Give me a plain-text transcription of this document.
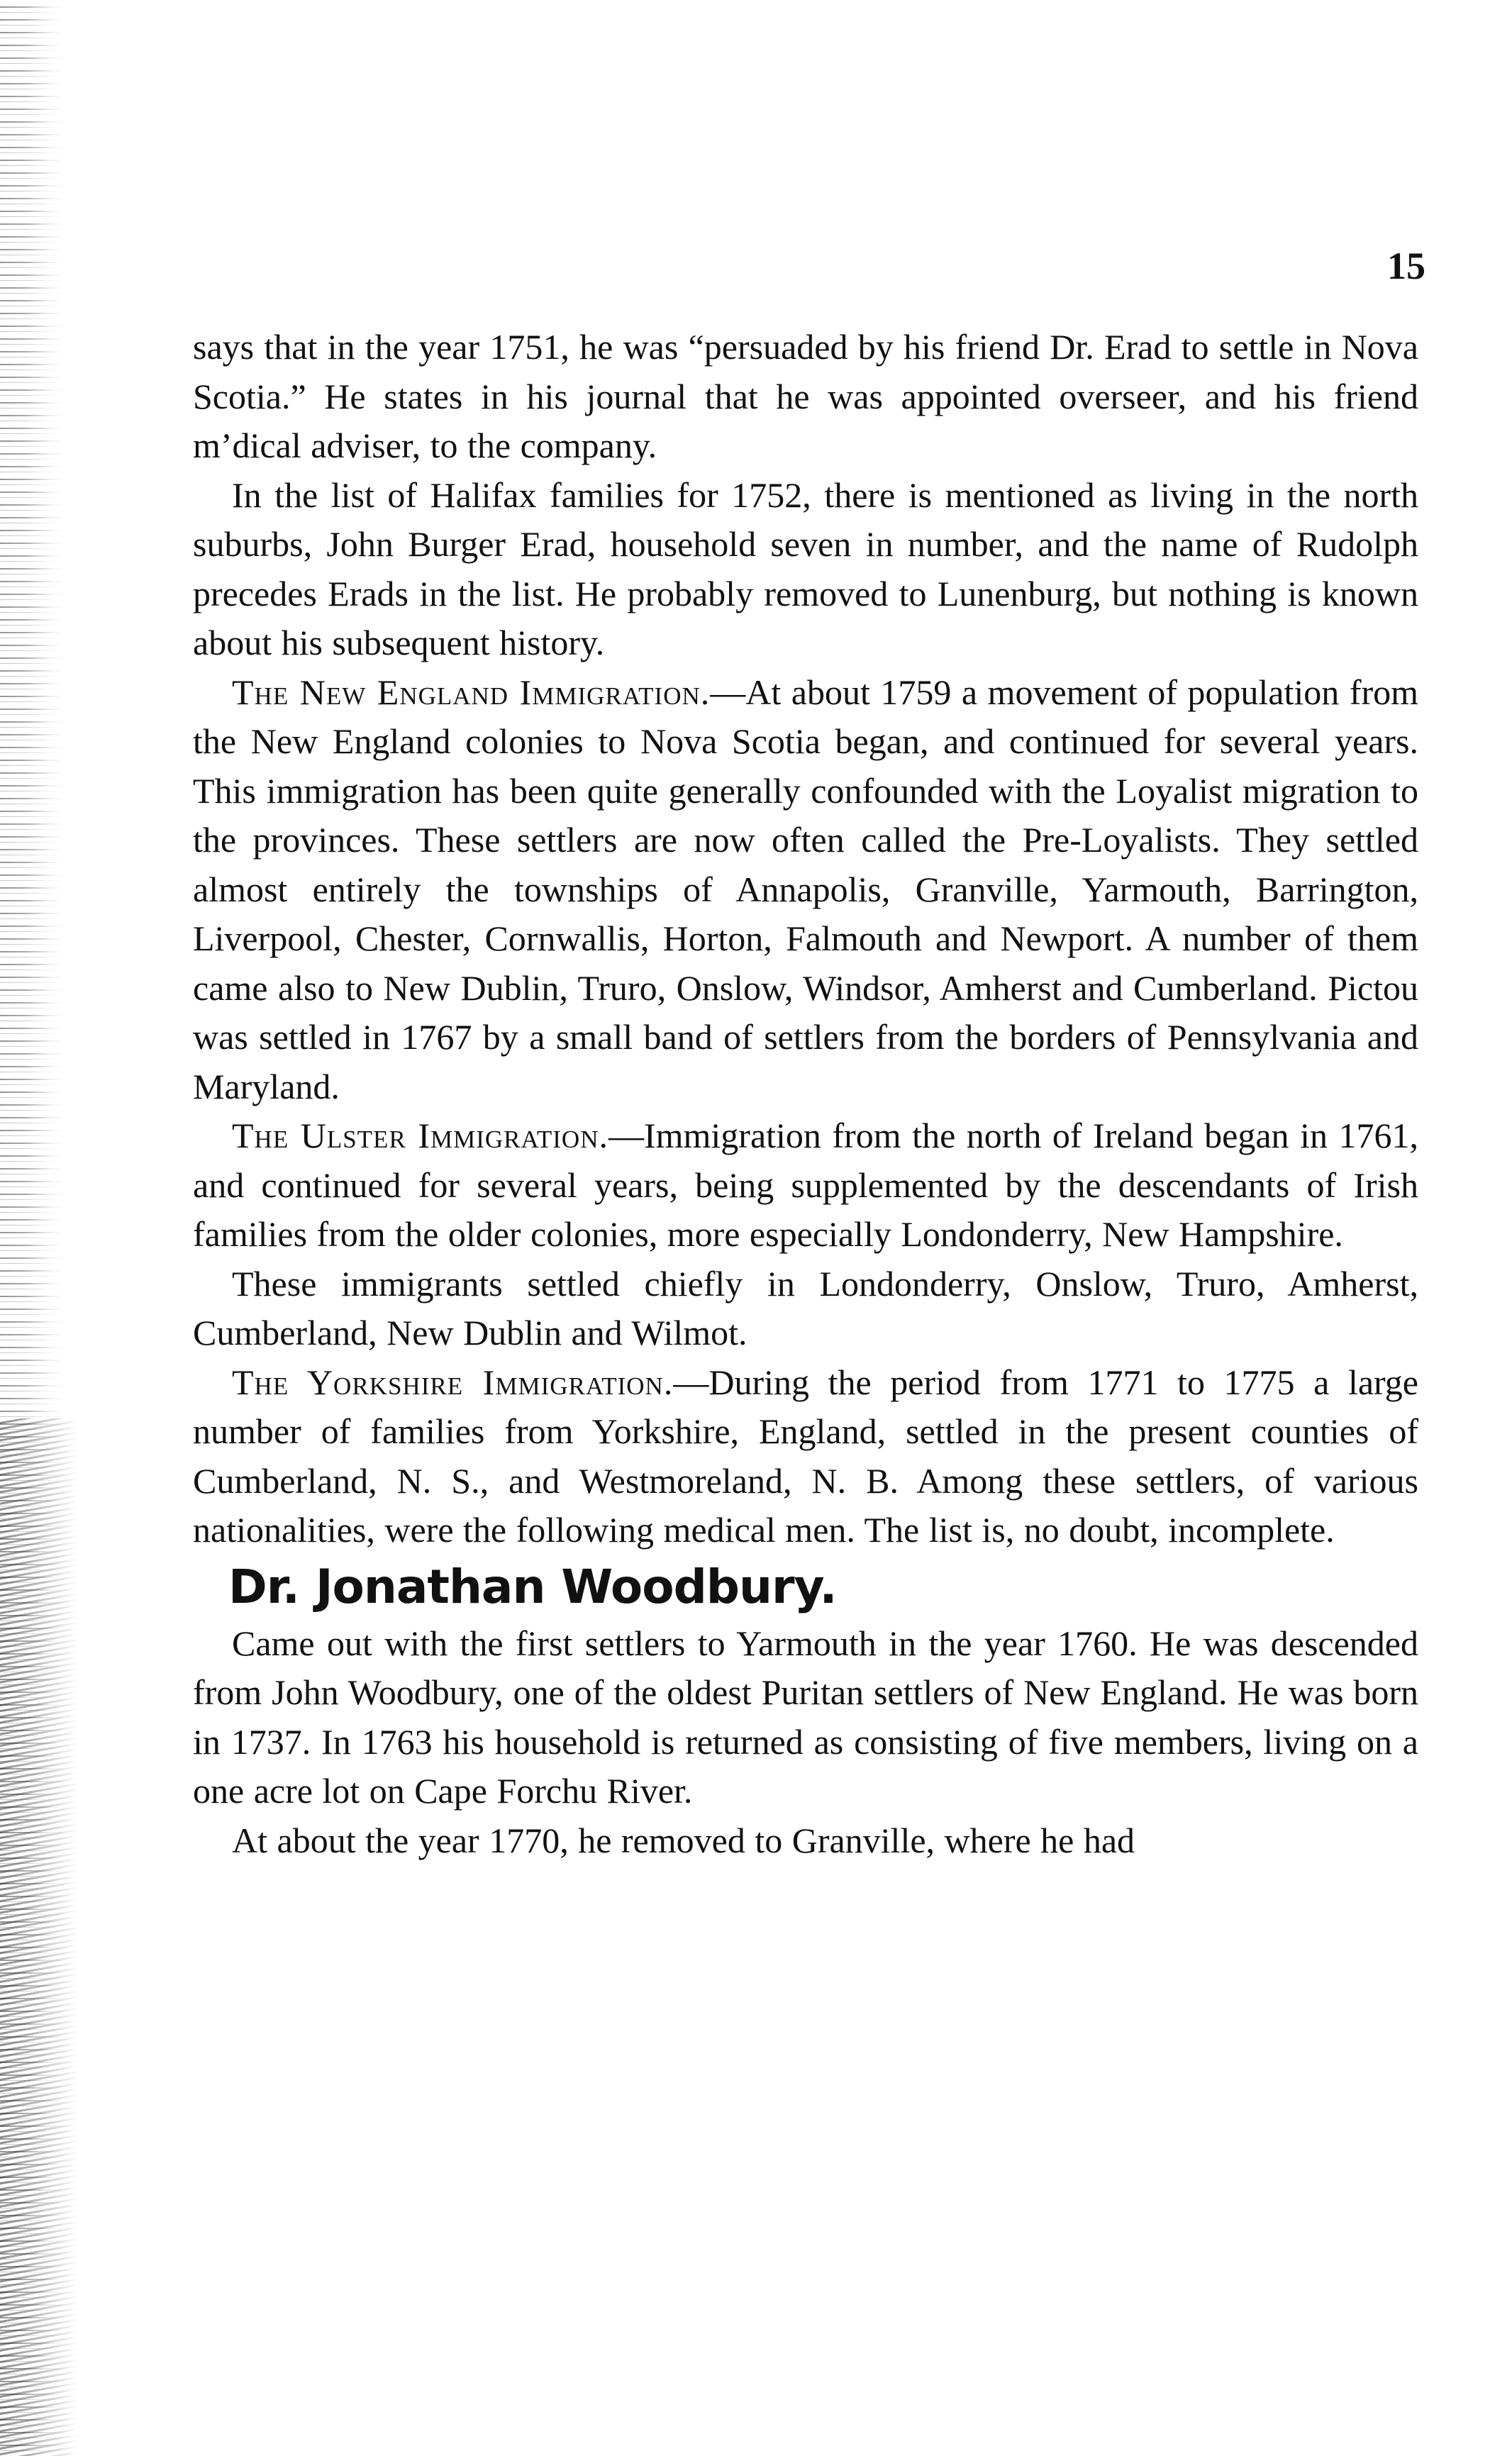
15

says that in the year 1751, he was “persuaded by his friend Dr. Erad to settle in Nova Scotia.” He states in his journal that he was appointed overseer, and his friend m’dical adviser, to the company.

In the list of Halifax families for 1752, there is mentioned as living in the north suburbs, John Burger Erad, household seven in number, and the name of Rudolph precedes Erads in the list. He probably removed to Lunenburg, but nothing is known about his subsequent history.

The New England Immigration.—At about 1759 a movement of population from the New England colonies to Nova Scotia began, and continued for several years. This immigration has been quite generally confounded with the Loyalist migration to the provinces. These settlers are now often called the Pre-Loyalists. They settled almost entirely the townships of Annapolis, Granville, Yarmouth, Barrington, Liverpool, Chester, Cornwallis, Horton, Falmouth and Newport. A number of them came also to New Dublin, Truro, Onslow, Windsor, Amherst and Cumberland. Pictou was settled in 1767 by a small band of settlers from the borders of Pennsylvania and Maryland.

The Ulster Immigration.—Immigration from the north of Ireland began in 1761, and continued for several years, being supplemented by the descendants of Irish families from the older colonies, more especially Londonderry, New Hampshire.

These immigrants settled chiefly in Londonderry, Onslow, Truro, Amherst, Cumberland, New Dublin and Wilmot.

The Yorkshire Immigration.—During the period from 1771 to 1775 a large number of families from Yorkshire, England, settled in the present counties of Cumberland, N. S., and Westmoreland, N. B. Among these settlers, of various nationalities, were the following medical men. The list is, no doubt, incomplete.

Dr. Jonathan Woodbury.

Came out with the first settlers to Yarmouth in the year 1760. He was descended from John Woodbury, one of the oldest Puritan settlers of New England. He was born in 1737. In 1763 his household is returned as consisting of five members, living on a one acre lot on Cape Forchu River.

At about the year 1770, he removed to Granville, where he had
